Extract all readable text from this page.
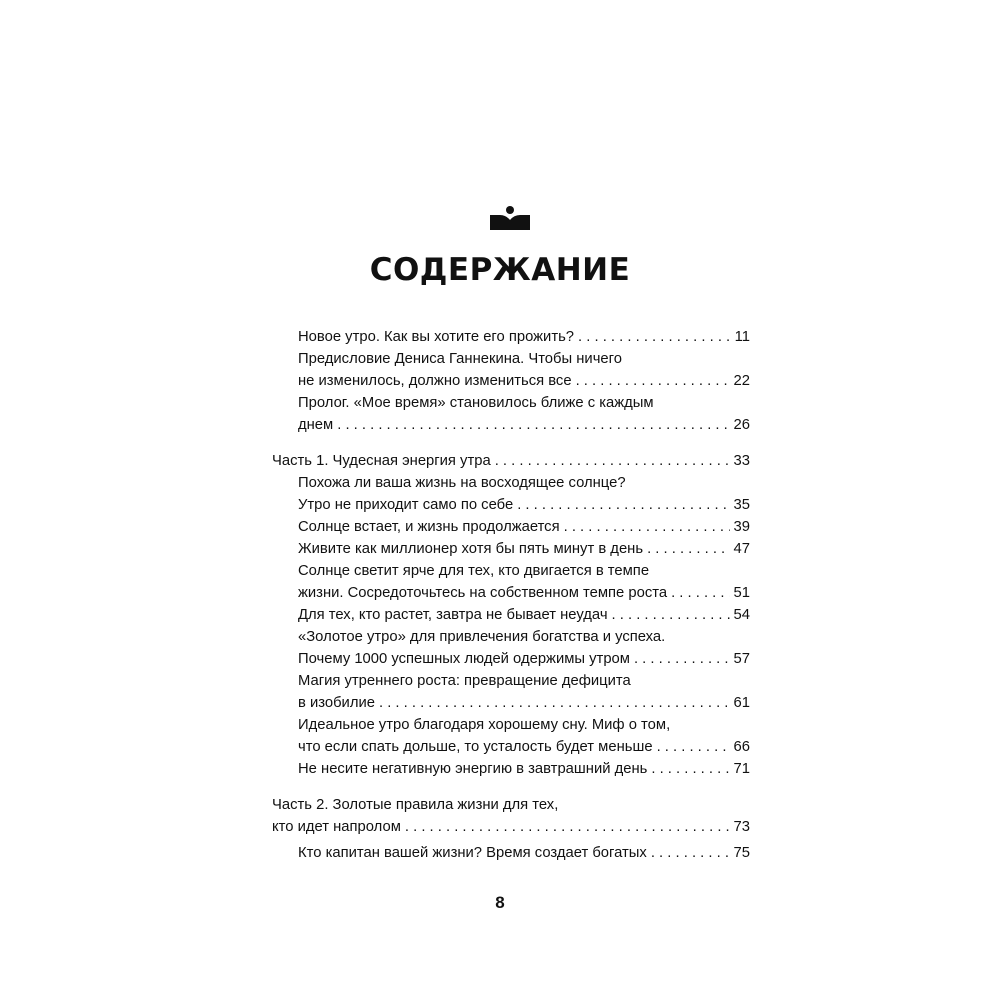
СОДЕРЖАНИЕ
Новое утро. Как вы хотите его прожить? . . .	11
Предисловие Дениса Ганнекина. Чтобы ничего
не изменилось, должно измениться все . . .	22
Пролог. «Мое время» становилось ближе с каждым
днем . . .	26
Часть 1. Чудесная энергия утра . . .	33
Похожа ли ваша жизнь на восходящее солнце?
Утро не приходит само по себе . . .	35
Солнце встает, и жизнь продолжается . . .	39
Живите как миллионер хотя бы пять минут в день . . .	47
Солнце светит ярче для тех, кто двигается в темпе
жизни. Сосредоточьтесь на собственном темпе роста . . .	51
Для тех, кто растет, завтра не бывает неудач . . .	54
«Золотое утро» для привлечения богатства и успеха.
Почему 1000 успешных людей одержимы утром . . .	57
Магия утреннего роста: превращение дефицита
в изобилие . . .	61
Идеальное утро благодаря хорошему сну. Миф о том,
что если спать дольше, то усталость будет меньше . . .	66
Не несите негативную энергию в завтрашний день . . .	71
Часть 2. Золотые правила жизни для тех,
кто идет напролом . . .	73
Кто капитан вашей жизни? Время создает богатых . . .	75
8
